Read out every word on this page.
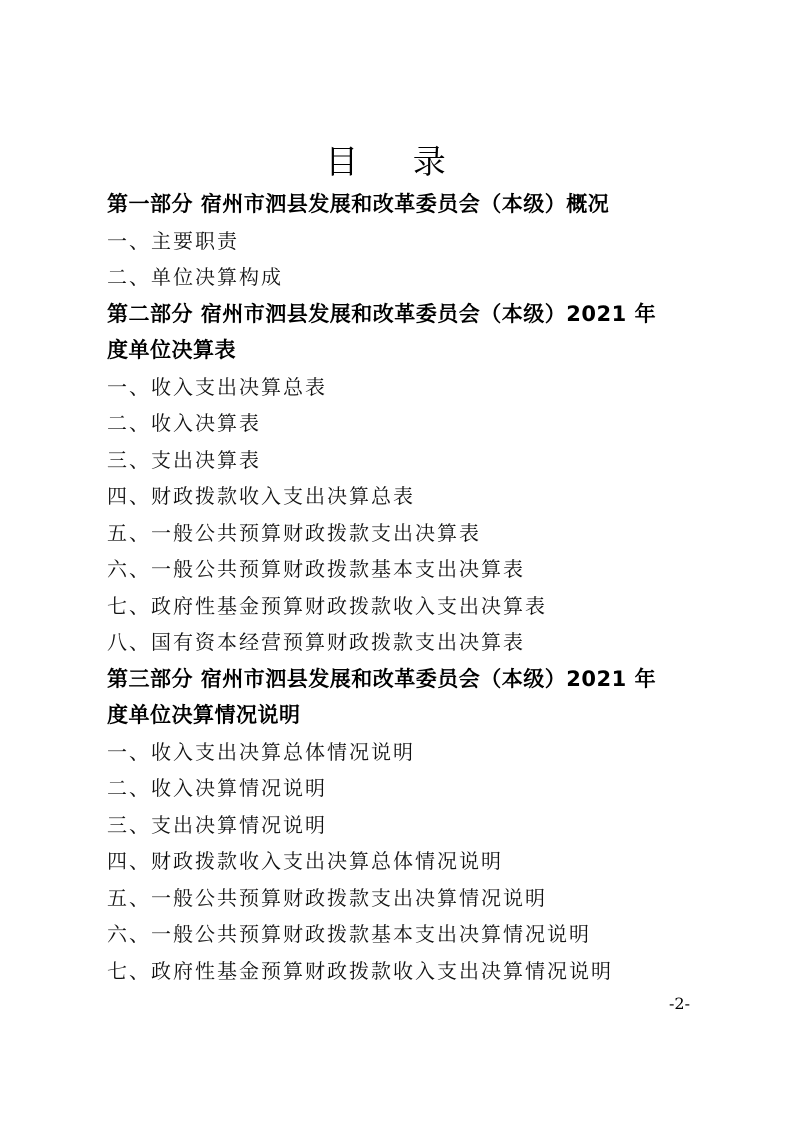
目 录
第一部分 宿州市泗县发展和改革委员会（本级）概况
一、主要职责
二、单位决算构成
第二部分 宿州市泗县发展和改革委员会（本级）2021 年
度单位决算表
一、收入支出决算总表
二、收入决算表
三、支出决算表
四、财政拨款收入支出决算总表
五、一般公共预算财政拨款支出决算表
六、一般公共预算财政拨款基本支出决算表
七、政府性基金预算财政拨款收入支出决算表
八、国有资本经营预算财政拨款支出决算表
第三部分 宿州市泗县发展和改革委员会（本级）2021 年
度单位决算情况说明
一、收入支出决算总体情况说明
二、收入决算情况说明
三、支出决算情况说明
四、财政拨款收入支出决算总体情况说明
五、一般公共预算财政拨款支出决算情况说明
六、一般公共预算财政拨款基本支出决算情况说明
七、政府性基金预算财政拨款收入支出决算情况说明
-2-
